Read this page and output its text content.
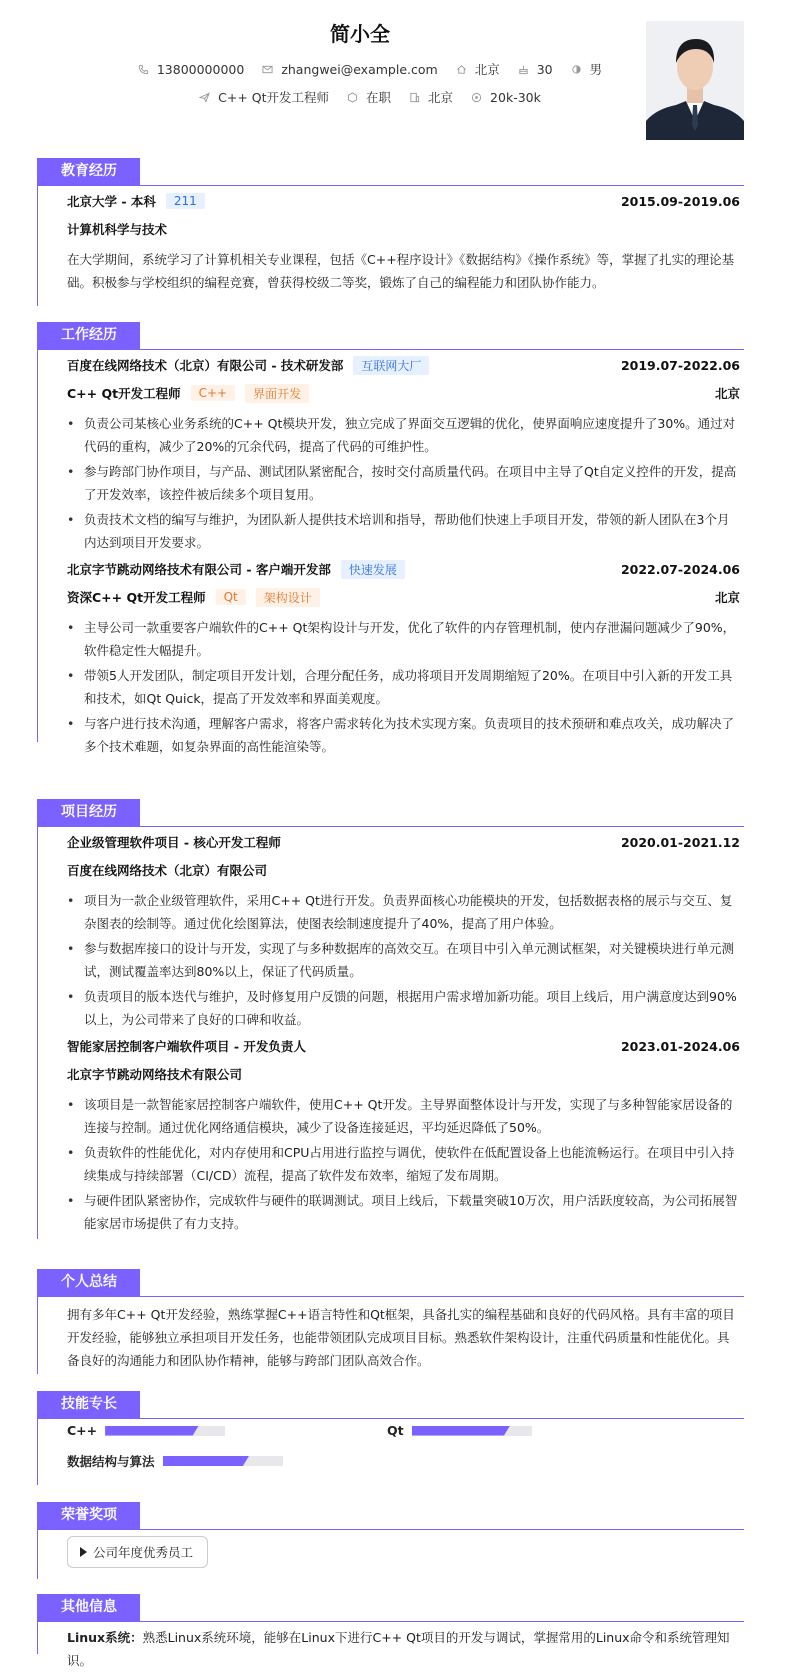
简小全
13800000000	zhangwei@example.com	北京	30	男
C++ Qt开发工程师	在职	北京	20k-30k
教育经历
北京大学 - 本科	211	2015.09-2019.06
计算机科学与技术
在大学期间，系统学习了计算机相关专业课程，包括《C++程序设计》《数据结构》《操作系统》等，掌握了扎实的理论基础。积极参与学校组织的编程竞赛，曾获得校级二等奖，锻炼了自己的编程能力和团队协作能力。
工作经历
百度在线网络技术（北京）有限公司 - 技术研发部	互联网大厂	2019.07-2022.06
C++ Qt开发工程师	C++	界面开发	北京
• 负责公司某核心业务系统的C++ Qt模块开发，独立完成了界面交互逻辑的优化，使界面响应速度提升了30%。通过对代码的重构，减少了20%的冗余代码，提高了代码的可维护性。
• 参与跨部门协作项目，与产品、测试团队紧密配合，按时交付高质量代码。在项目中主导了Qt自定义控件的开发，提高了开发效率，该控件被后续多个项目复用。
• 负责技术文档的编写与维护，为团队新人提供技术培训和指导，帮助他们快速上手项目开发，带领的新人团队在3个月内达到项目开发要求。
北京字节跳动网络技术有限公司 - 客户端开发部	快速发展	2022.07-2024.06
资深C++ Qt开发工程师	Qt	架构设计	北京
• 主导公司一款重要客户端软件的C++ Qt架构设计与开发，优化了软件的内存管理机制，使内存泄漏问题减少了90%，软件稳定性大幅提升。
• 带领5人开发团队，制定项目开发计划，合理分配任务，成功将项目开发周期缩短了20%。在项目中引入新的开发工具和技术，如Qt Quick，提高了开发效率和界面美观度。
• 与客户进行技术沟通，理解客户需求，将客户需求转化为技术实现方案。负责项目的技术预研和难点攻关，成功解决了多个技术难题，如复杂界面的高性能渲染等。
项目经历
企业级管理软件项目 - 核心开发工程师	2020.01-2021.12
百度在线网络技术（北京）有限公司
• 项目为一款企业级管理软件，采用C++ Qt进行开发。负责界面核心功能模块的开发，包括数据表格的展示与交互、复杂图表的绘制等。通过优化绘图算法，使图表绘制速度提升了40%，提高了用户体验。
• 参与数据库接口的设计与开发，实现了与多种数据库的高效交互。在项目中引入单元测试框架，对关键模块进行单元测试，测试覆盖率达到80%以上，保证了代码质量。
• 负责项目的版本迭代与维护，及时修复用户反馈的问题，根据用户需求增加新功能。项目上线后，用户满意度达到90%以上，为公司带来了良好的口碑和收益。
智能家居控制客户端软件项目 - 开发负责人	2023.01-2024.06
北京字节跳动网络技术有限公司
• 该项目是一款智能家居控制客户端软件，使用C++ Qt开发。主导界面整体设计与开发，实现了与多种智能家居设备的连接与控制。通过优化网络通信模块，减少了设备连接延迟，平均延迟降低了50%。
• 负责软件的性能优化，对内存使用和CPU占用进行监控与调优，使软件在低配置设备上也能流畅运行。在项目中引入持续集成与持续部署（CI/CD）流程，提高了软件发布效率，缩短了发布周期。
• 与硬件团队紧密协作，完成软件与硬件的联调测试。项目上线后，下载量突破10万次，用户活跃度较高，为公司拓展智能家居市场提供了有力支持。
个人总结
拥有多年C++ Qt开发经验，熟练掌握C++语言特性和Qt框架，具备扎实的编程基础和良好的代码风格。具有丰富的项目开发经验，能够独立承担项目开发任务，也能带领团队完成项目目标。熟悉软件架构设计，注重代码质量和性能优化。具备良好的沟通能力和团队协作精神，能够与跨部门团队高效合作。
技能专长
C++	Qt
数据结构与算法
荣誉奖项
公司年度优秀员工
其他信息
Linux系统：熟悉Linux系统环境，能够在Linux下进行C++ Qt项目的开发与调试，掌握常用的Linux命令和系统管理知识。
